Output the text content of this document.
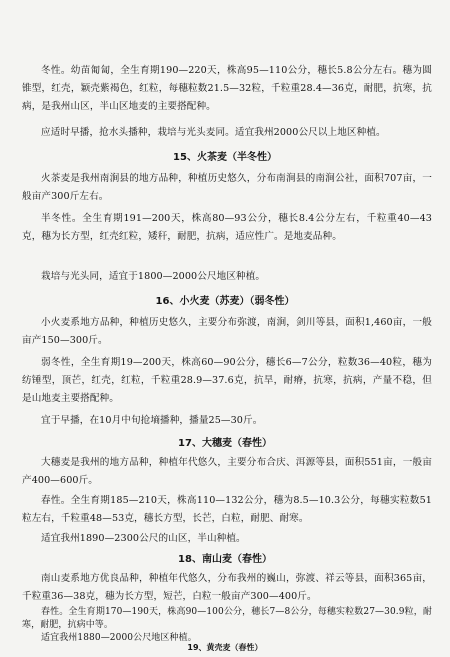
冬性。幼苗匍匐，全生育期190—220天，株高95—110公分，穗长5.8公分左右。穗为圆锥型，红壳，颖壳紫褐色，红粒，每穗粒数21.5—32粒，千粒重28.4—36克，耐肥，抗寒，抗病，是我州山区，半山区地麦的主要搭配种。

应适时早播，抢水头播种，栽培与光头麦同。适宜我州2000公尺以上地区种植。

15、火茶麦（半冬性）

火茶麦是我州南涧县的地方品种，种植历史悠久，分布南涧县的南涧公社，面积707亩，一般亩产300斤左右。

半冬性。全生育期191—200天，株高80—93公分，穗长8.4公分左右，千粒重40—43克，穗为长方型，红壳红粒，矮秆，耐肥，抗病，适应性广。是地麦品种。

栽培与光头同，适宜于1800—2000公尺地区种植。

16、小火麦（苏麦）（弱冬性）

小火麦系地方品种，种植历史悠久，主要分布弥渡，南涧，剑川等县，面积1,460亩，一般亩产150—300斤。

弱冬性，全生育期19—200天，株高60—90公分，穗长6—7公分，粒数36—40粒，穗为纺锤型，顶芒，红壳，红粒，千粒重28.9—37.6克，抗旱，耐瘠，抗寒，抗病，产量不稳，但是山地麦主要搭配种。

宜于早播，在10月中旬抢墒播种，播量25—30斤。

17、大穗麦（春性）

大穗麦是我州的地方品种，种植年代悠久，主要分布合庆、洱源等县，面积551亩，一般亩产400—600斤。

春性。全生育期185—210天，株高110—132公分，穗为8.5—10.3公分，每穗实粒数51粒左右，千粒重48—53克，穗长方型，长芒，白粒，耐肥、耐寒。

适宜我州1890—2300公尺的山区，半山种植。

18、南山麦（春性）

南山麦系地方优良品种，种植年代悠久，分布我州的巍山，弥渡、祥云等县，面积365亩，千粒重36—38克，穗为长方型，短芒，白粒一般亩产300—400斤。

春性。全生育期170—190天，株高90—100公分，穗长7—8公分，每穗实粒数27—30.9粒，耐寒，耐肥，抗病中等。

适宜我州1880—2000公尺地区种植。

19、黄壳麦（春性）
